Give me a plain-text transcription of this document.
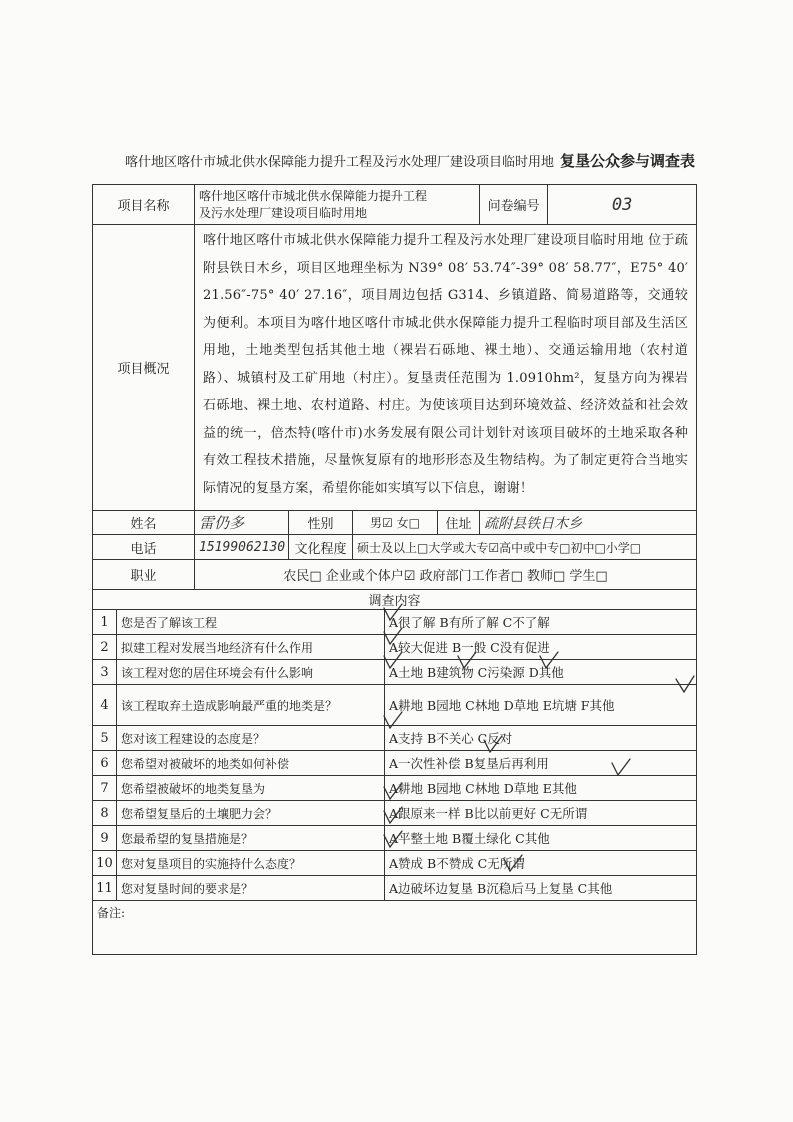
喀什地区喀什市城北供水保障能力提升工程及污水处理厂建设项目临时用地 复垦公众参与调查表
项目名称		喀什地区喀什市城北供水保障能力提升工程
及污水处理厂建设项目临时用地					问卷编号	03
项目概况		喀什地区喀什市城北供水保障能力提升工程及污水处理厂建设项目临时用地 位于疏附县铁日木乡，项目区地理坐标为 N39° 08′ 53.74″-39° 08′ 58.77″，E75° 40′ 21.56″-75° 40′ 27.16″，项目周边包括 G314、乡镇道路、简易道路等，交通较为便利。本项目为喀什地区喀什市城北供水保障能力提升工程临时项目部及生活区用地，土地类型包括其他土地（裸岩石砾地、裸土地）、交通运输用地（农村道路）、城镇村及工矿用地（村庄）。复垦责任范围为 1.0910hm²，复垦方向为裸岩石砾地、裸土地、农村道路、村庄。为使该项目达到环境效益、经济效益和社会效益的统一，倍杰特(喀什市)水务发展有限公司计划针对该项目破坏的土地采取各种有效工程技术措施，尽量恢复原有的地形形态及生物结构。为了制定更符合当地实际情况的复垦方案，希望你能如实填写以下信息，谢谢！						
姓名		雷仍多	性别	男☑ 女□		住址	疏附县铁日木乡	
电话		15199062130	文化程度	硕士及以上□大学或大专☑高中或中专□初中□小学□				
职业		农民□ 企业或个体户☑ 政府部门工作者□ 教师□ 学生□						
调查内容								
1	您是否了解该工程				A很了解 B有所了解 C不了解			
2	拟建工程对发展当地经济有什么作用				A较大促进 B一般 C没有促进			
3	该工程对您的居住环境会有什么影响				A土地 B建筑物 C污染源 D其他			
4	该工程取弃土造成影响最严重的地类是？				A耕地 B园地 C林地 D草地 E坑塘 F其他			
5	您对该工程建设的态度是？				A支持 B不关心 C反对			
6	您希望对被破坏的地类如何补偿				A一次性补偿 B复垦后再利用			
7	您希望被破坏的地类复垦为				A耕地 B园地 C林地 D草地 E其他			
8	您希望复垦后的土壤肥力会？				A跟原来一样 B比以前更好 C无所谓			
9	您最希望的复垦措施是？				A平整土地 B覆土绿化 C其他			
10	您对复垦项目的实施持什么态度？				A赞成 B不赞成 C无所谓			
11	您对复垦时间的要求是？				A边破坏边复垦 B沉稳后马上复垦 C其他			
备注:								
